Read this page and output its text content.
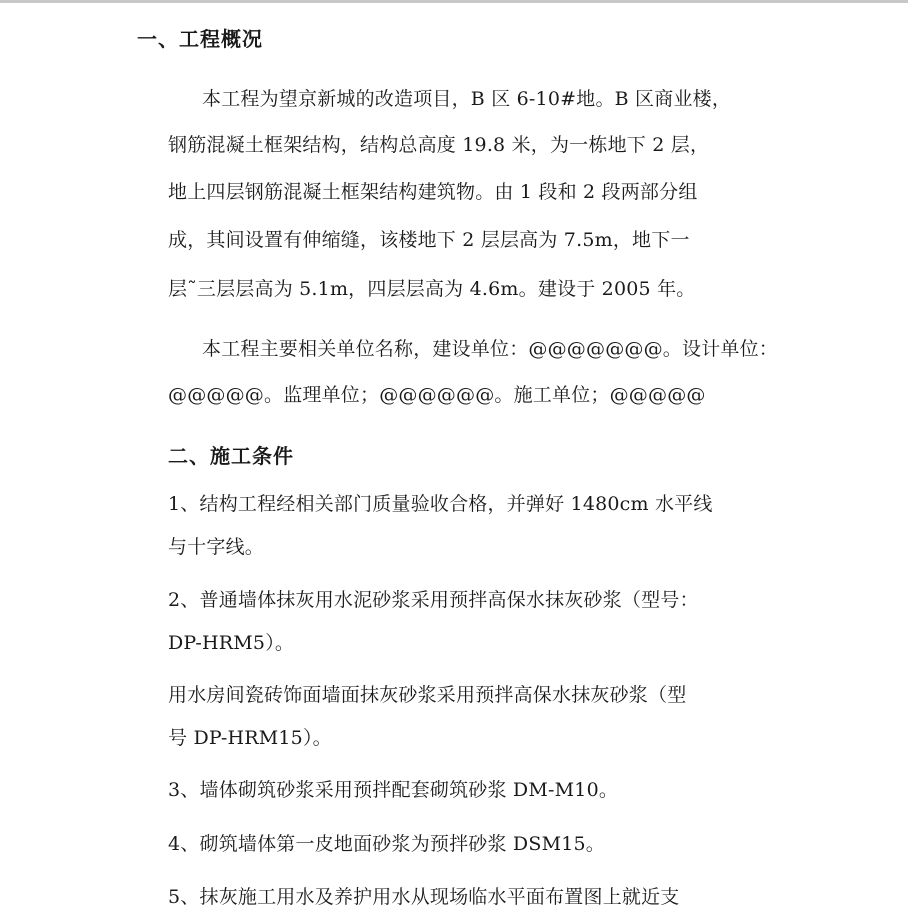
一、工程概况
本工程为望京新城的改造项目，B 区 6-10#地。B 区商业楼，
钢筋混凝土框架结构，结构总高度 19.8 米，为一栋地下 2 层，
地上四层钢筋混凝土框架结构建筑物。由 1 段和 2 段两部分组
成，其间设置有伸缩缝，该楼地下 2 层层高为 7.5m，地下一
层˜三层层高为 5.1m，四层层高为 4.6m。建设于 2005 年。
本工程主要相关单位名称，建设单位：@@@@@@@。设计单位：
@@@@@。监理单位；@@@@@@。施工单位；@@@@@
二、施工条件
1、结构工程经相关部门质量验收合格，并弹好 1480cm 水平线
与十字线。
2、普通墙体抹灰用水泥砂浆采用预拌高保水抹灰砂浆（型号：
DP-HRM5）。
用水房间瓷砖饰面墙面抹灰砂浆采用预拌高保水抹灰砂浆（型
号 DP-HRM15）。
3、墙体砌筑砂浆采用预拌配套砌筑砂浆 DM-M10。
4、砌筑墙体第一皮地面砂浆为预拌砂浆 DSM15。
5、抹灰施工用水及养护用水从现场临水平面布置图上就近支
